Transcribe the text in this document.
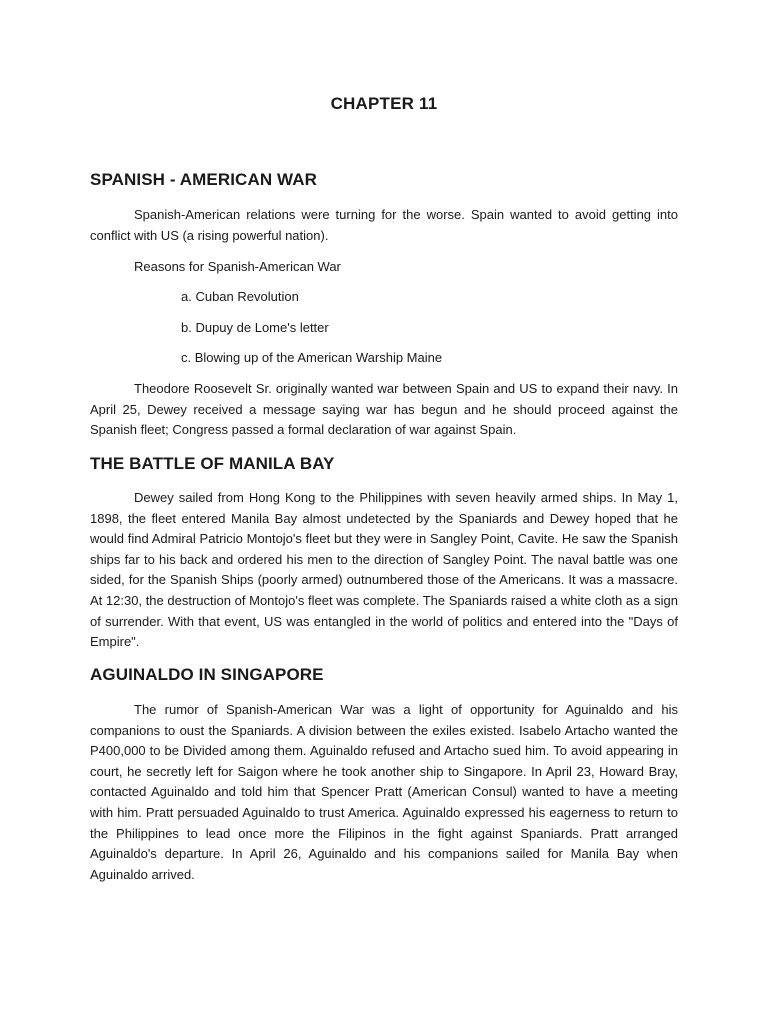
CHAPTER 11
SPANISH - AMERICAN WAR

Spanish-American relations were turning for the worse. Spain wanted to avoid getting into conflict with US (a rising powerful nation).

Reasons for Spanish-American War

a. Cuban Revolution

b. Dupuy de Lome's letter

c. Blowing up of the American Warship Maine

Theodore Roosevelt Sr. originally wanted war between Spain and US to expand their navy. In April 25, Dewey received a message saying war has begun and he should proceed against the Spanish fleet; Congress passed a formal declaration of war against Spain.

THE BATTLE OF MANILA BAY

Dewey sailed from Hong Kong to the Philippines with seven heavily armed ships. In May 1, 1898, the fleet entered Manila Bay almost undetected by the Spaniards and Dewey hoped that he would find Admiral Patricio Montojo's fleet but they were in Sangley Point, Cavite. He saw the Spanish ships far to his back and ordered his men to the direction of Sangley Point. The naval battle was one sided, for the Spanish Ships (poorly armed) outnumbered those of the Americans. It was a massacre. At 12:30, the destruction of Montojo's fleet was complete. The Spaniards raised a white cloth as a sign of surrender. With that event, US was entangled in the world of politics and entered into the "Days of Empire".

AGUINALDO IN SINGAPORE

The rumor of Spanish-American War was a light of opportunity for Aguinaldo and his companions to oust the Spaniards. A division between the exiles existed. Isabelo Artacho wanted the P400,000 to be Divided among them. Aguinaldo refused and Artacho sued him. To avoid appearing in court, he secretly left for Saigon where he took another ship to Singapore. In April 23, Howard Bray, contacted Aguinaldo and told him that Spencer Pratt (American Consul) wanted to have a meeting with him. Pratt persuaded Aguinaldo to trust America. Aguinaldo expressed his eagerness to return to the Philippines to lead once more the Filipinos in the fight against Spaniards. Pratt arranged Aguinaldo's departure. In April 26, Aguinaldo and his companions sailed for Manila Bay when Aguinaldo arrived.
